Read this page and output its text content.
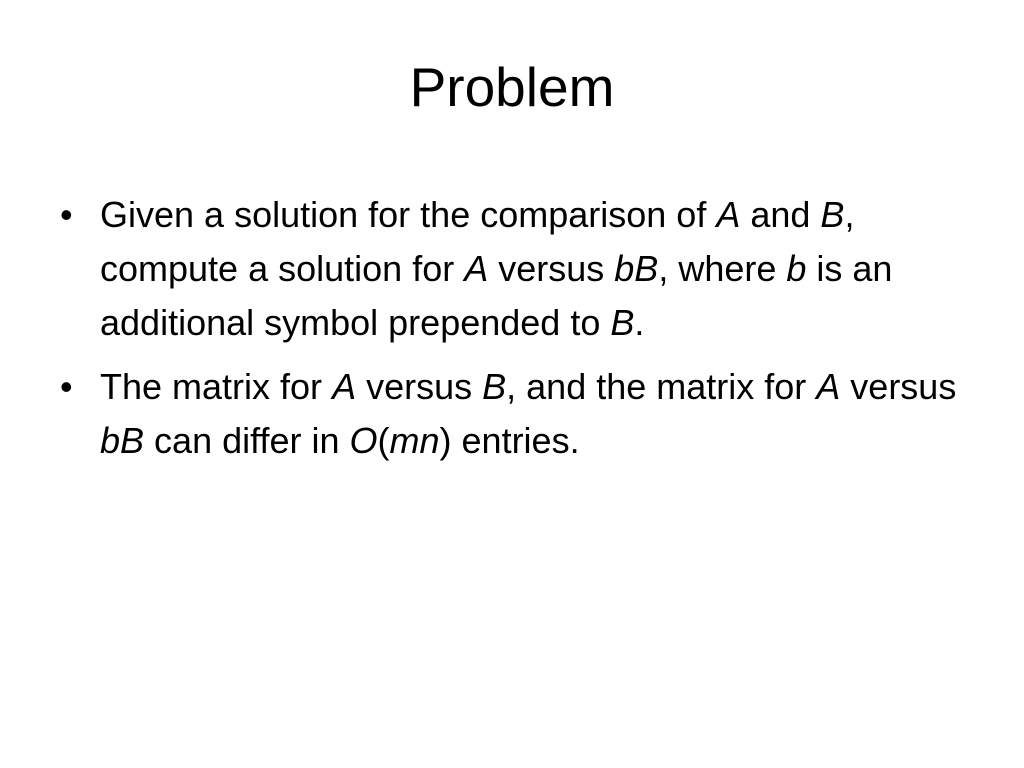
Problem
• Given a solution for the comparison of A and B, compute a solution for A versus bB, where b is an additional symbol prepended to B.
• The matrix for A versus B, and the matrix for A versus bB can differ in O(mn) entries.
